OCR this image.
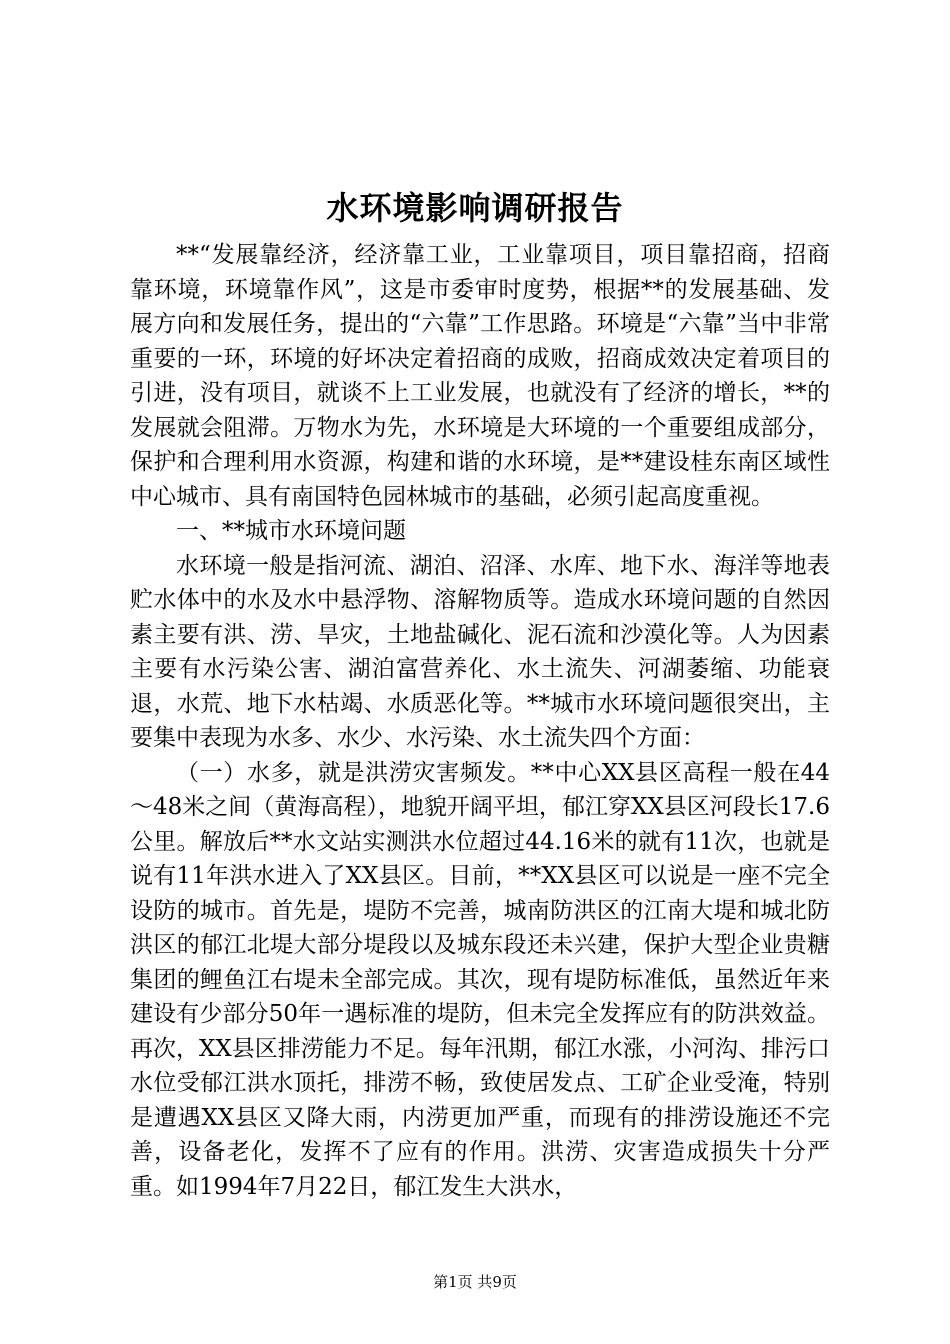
水环境影响调研报告

**“发展靠经济，经济靠工业，工业靠项目，项目靠招商，招商靠环境，环境靠作风”，这是市委审时度势，根据**的发展基础、发展方向和发展任务，提出的“六靠”工作思路。环境是“六靠”当中非常重要的一环，环境的好坏决定着招商的成败，招商成效决定着项目的引进，没有项目，就谈不上工业发展，也就没有了经济的增长，**的发展就会阻滞。万物水为先，水环境是大环境的一个重要组成部分，保护和合理利用水资源，构建和谐的水环境，是**建设桂东南区域性中心城市、具有南国特色园林城市的基础，必须引起高度重视。

一、**城市水环境问题

水环境一般是指河流、湖泊、沼泽、水库、地下水、海洋等地表贮水体中的水及水中悬浮物、溶解物质等。造成水环境问题的自然因素主要有洪、涝、旱灾，土地盐碱化、泥石流和沙漠化等。人为因素主要有水污染公害、湖泊富营养化、水土流失、河湖萎缩、功能衰退，水荒、地下水枯竭、水质恶化等。**城市水环境问题很突出，主要集中表现为水多、水少、水污染、水土流失四个方面：

（一）水多，就是洪涝灾害频发。**中心XX县区高程一般在44～48米之间（黄海高程），地貌开阔平坦，郁江穿XX县区河段长17.6公里。解放后**水文站实测洪水位超过44.16米的就有11次，也就是说有11年洪水进入了XX县区。目前，**XX县区可以说是一座不完全设防的城市。首先是，堤防不完善，城南防洪区的江南大堤和城北防洪区的郁江北堤大部分堤段以及城东段还未兴建，保护大型企业贵糖集团的鲤鱼江右堤未全部完成。其次，现有堤防标准低，虽然近年来建设有少部分50年一遇标准的堤防，但未完全发挥应有的防洪效益。再次，XX县区排涝能力不足。每年汛期，郁江水涨，小河沟、排污口水位受郁江洪水顶托，排涝不畅，致使居发点、工矿企业受淹，特别是遭遇XX县区又降大雨，内涝更加严重，而现有的排涝设施还不完善，设备老化，发挥不了应有的作用。洪涝、灾害造成损失十分严重。如1994年7月22日，郁江发生大洪水，

第1页 共9页
